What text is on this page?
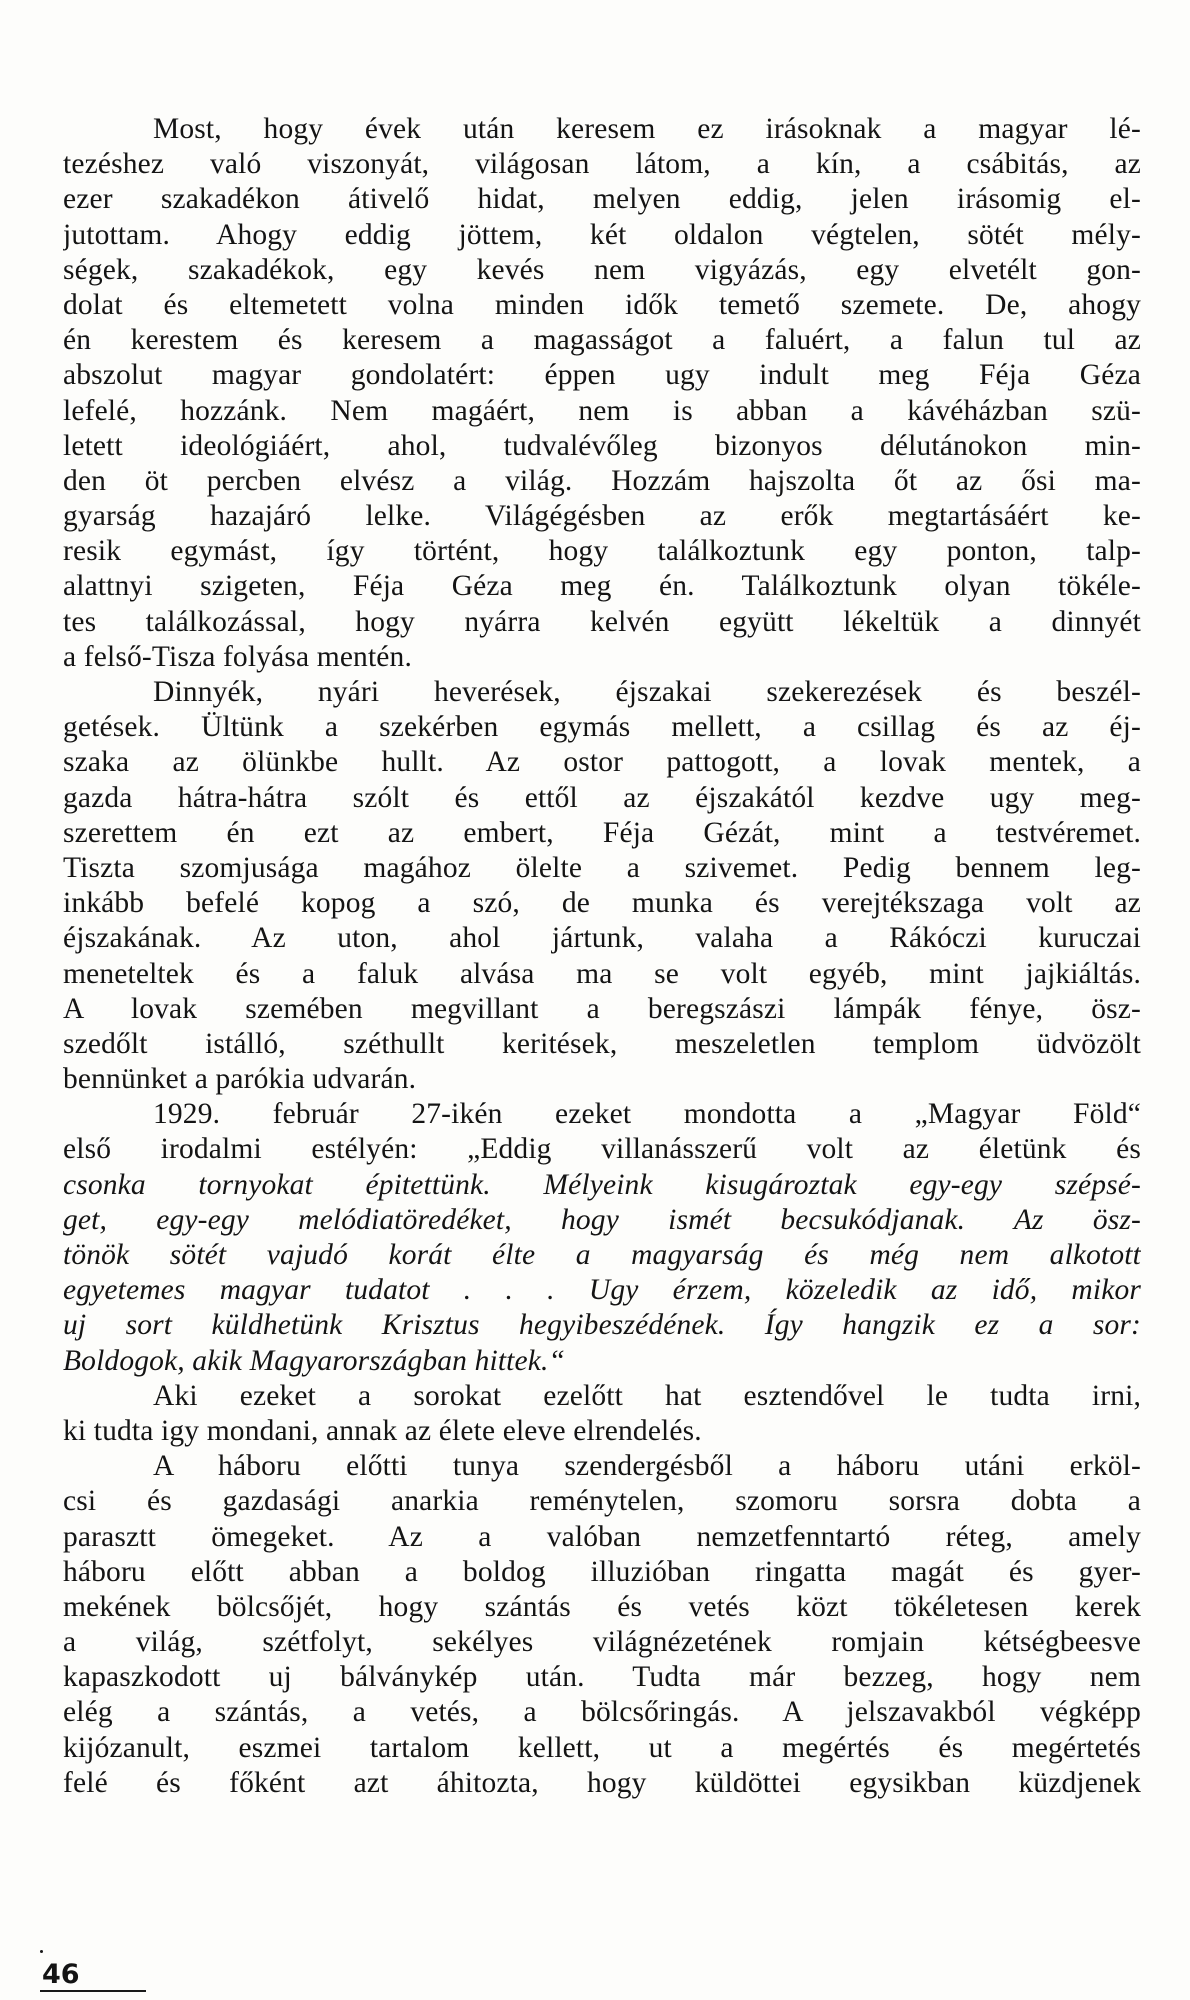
Most, hogy évek után keresem ez irásoknak a magyar lé-
tezéshez való viszonyát, világosan látom, a kín, a csábitás, az
ezer szakadékon átivelő hidat, melyen eddig, jelen irásomig el-
jutottam. Ahogy eddig jöttem, két oldalon végtelen, sötét mély-
ségek, szakadékok, egy kevés nem vigyázás, egy elvetélt gon-
dolat és eltemetett volna minden idők temető szemete. De, ahogy
én kerestem és keresem a magasságot a faluért, a falun tul az
abszolut magyar gondolatért: éppen ugy indult meg Féja Géza
lefelé, hozzánk. Nem magáért, nem is abban a kávéházban szü-
letett ideológiáért, ahol, tudvalévőleg bizonyos délutánokon min-
den öt percben elvész a világ. Hozzám hajszolta őt az ősi ma-
gyarság hazajáró lelke. Világégésben az erők megtartásáért ke-
resik egymást, így történt, hogy találkoztunk egy ponton, talp-
alattnyi szigeten, Féja Géza meg én. Találkoztunk olyan tökéle-
tes találkozással, hogy nyárra kelvén együtt lékeltük a dinnyét
a felső-Tisza folyása mentén.
Dinnyék, nyári heverések, éjszakai szekerezések és beszél-
getések. Ültünk a szekérben egymás mellett, a csillag és az éj-
szaka az ölünkbe hullt. Az ostor pattogott, a lovak mentek, a
gazda hátra-hátra szólt és ettől az éjszakától kezdve ugy meg-
szerettem én ezt az embert, Féja Gézát, mint a testvéremet.
Tiszta szomjusága magához ölelte a szivemet. Pedig bennem leg-
inkább befelé kopog a szó, de munka és verejtékszaga volt az
éjszakának. Az uton, ahol jártunk, valaha a Rákóczi kuruczai
meneteltek és a faluk alvása ma se volt egyéb, mint jajkiáltás.
A lovak szemében megvillant a beregszászi lámpák fénye, ösz-
szedőlt istálló, széthullt keritések, meszeletlen templom üdvözölt
bennünket a parókia udvarán.
1929. február 27-ikén ezeket mondotta a „Magyar Föld“
első irodalmi estélyén: „Eddig villanásszerű volt az életünk és
csonka tornyokat épitettünk. Mélyeink kisugároztak egy-egy szépsé-
get, egy-egy melódiatöredéket, hogy ismét becsukódjanak. Az ösz-
tönök sötét vajudó korát élte a magyarság és még nem alkotott
egyetemes magyar tudatot . . . Ugy érzem, közeledik az idő, mikor
uj sort küldhetünk Krisztus hegyibeszédének. Így hangzik ez a sor:
Boldogok, akik Magyarországban hittek.“
Aki ezeket a sorokat ezelőtt hat esztendővel le tudta irni,
ki tudta igy mondani, annak az élete eleve elrendelés.
A háboru előtti tunya szendergésből a háboru utáni erköl-
csi és gazdasági anarkia reménytelen, szomoru sorsra dobta a
parasztt ömegeket. Az a valóban nemzetfenntartó réteg, amely
háboru előtt abban a boldog illuzióban ringatta magát és gyer-
mekének bölcsőjét, hogy szántás és vetés közt tökéletesen kerek
a világ, szétfolyt, sekélyes világnézetének romjain kétségbeesve
kapaszkodott uj bálványkép után. Tudta már bezzeg, hogy nem
elég a szántás, a vetés, a bölcsőringás. A jelszavakból végképp
kijózanult, eszmei tartalom kellett, ut a megértés és megértetés
felé és főként azt áhitozta, hogy küldöttei egysikban küzdjenek
46
